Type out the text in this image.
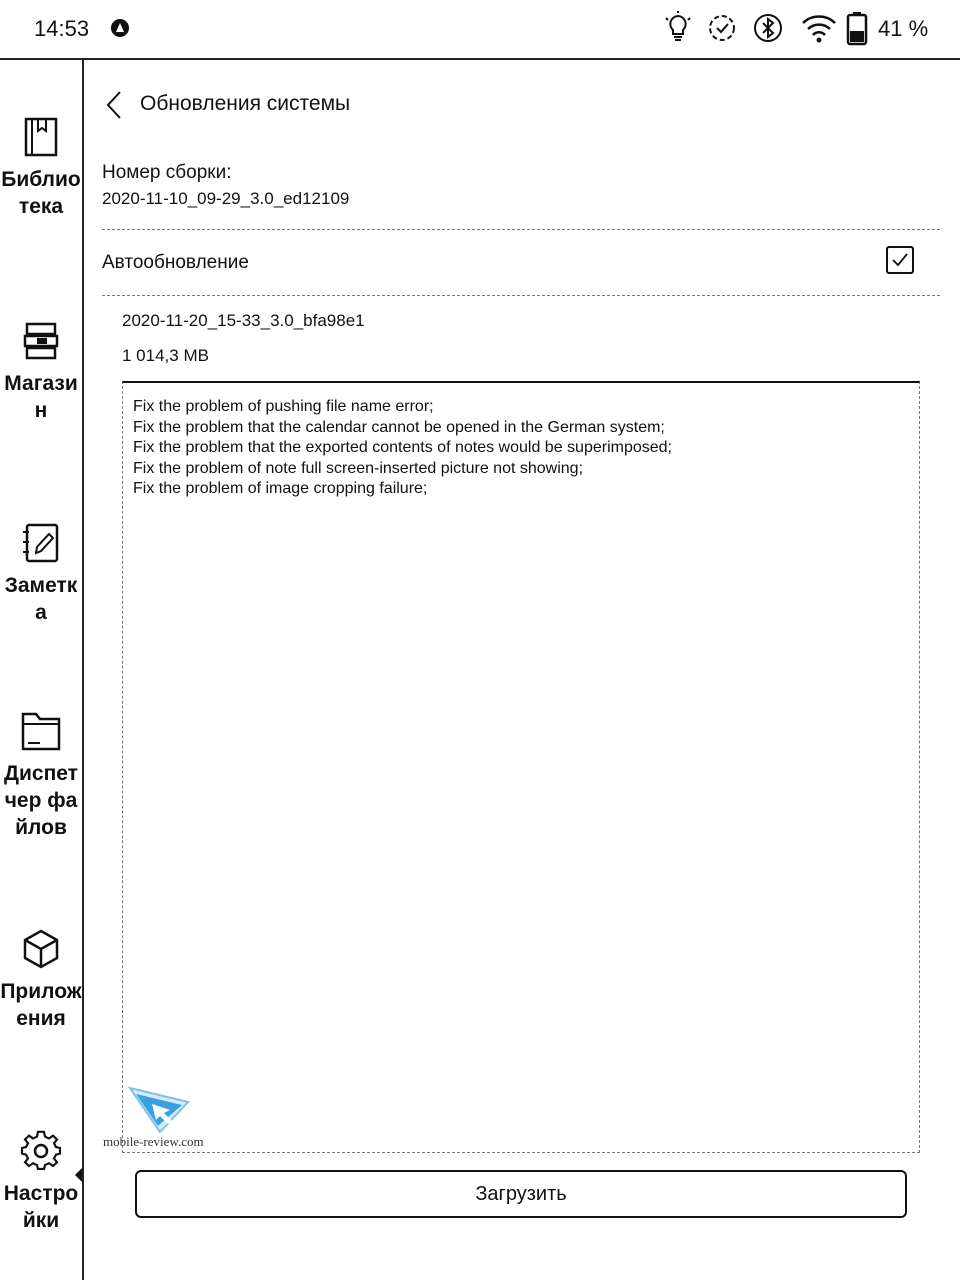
14:53	41 %
Библиотека
Магазин
Заметка
Диспетчер файлов
Приложения
Настройки
Обновления системы
Номер сборки:
2020-11-10_09-29_3.0_ed12109
Автообновление
2020-11-20_15-33_3.0_bfa98e1
1 014,3 MB
Fix the problem of pushing file name error;
Fix the problem that the calendar cannot be opened in the German system;
Fix the problem that the exported contents of notes would be superimposed;
Fix the problem of note full screen-inserted picture not showing;
Fix the problem of image cropping failure;
mobile-review.com
Загрузить
